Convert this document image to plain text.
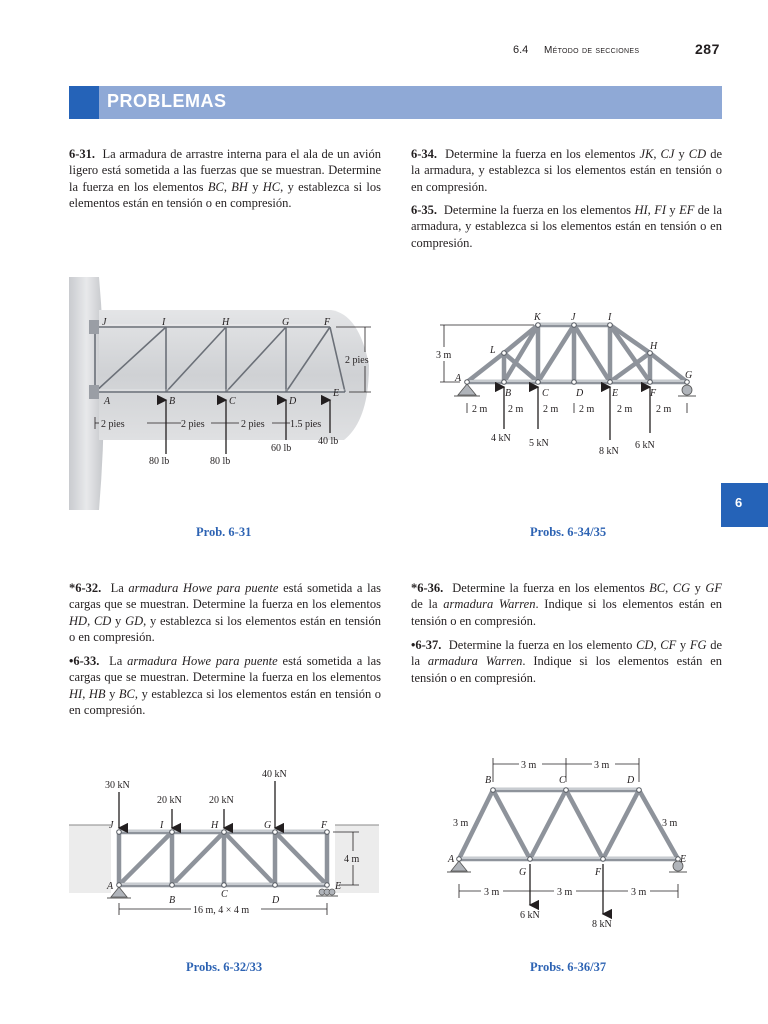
6.4 Método de secciones	287
PROBLEMAS
6
6-31. La armadura de arrastre interna para el ala de un avión ligero está sometida a las fuerzas que se muestran. Determine la fuerza en los elementos BC, BH y HC, y establezca si los elementos están en tensión o en compresión.
6-34. Determine la fuerza en los elementos JK, CJ y CD de la armadura, y establezca si los elementos están en tensión o en compresión.
6-35. Determine la fuerza en los elementos HI, FI y EF de la armadura, y establezca si los elementos están en tensión o en compresión.
J	I	H	G	F
A	B	C	D
E
2 pies
2 pies	2 pies	2 pies	1.5 pies
80 lb	80 lb
60 lb
40 lb
Prob. 6-31
K	J	I
L	H
A
B	C	D	E	F
G
3 m
2 m 2 m 2 m 2 m 2 m 2 m
4 kN 5 kN
8 kN
6 kN
Probs. 6-34/35
*6-32. La armadura Howe para puente está sometida a las cargas que se muestran. Determine la fuerza en los elementos HD, CD y GD, y establezca si los elementos están en tensión o en compresión.
•6-33. La armadura Howe para puente está sometida a las cargas que se muestran. Determine la fuerza en los elementos HI, HB y BC, y establezca si los elementos están en tensión o en compresión.
*6-36. Determine la fuerza en los elementos BC, CG y GF de la armadura Warren. Indique si los elementos están en tensión o en compresión.
•6-37. Determine la fuerza en los elemento CD, CF y FG de la armadura Warren. Indique si los elementos están en tensión o en compresión.
J	I	H	G	F
A
B
C
D
E
4 m
16 m, 4 × 4 m
30 kN
20 kN	20 kN
40 kN
Probs. 6-32/33
B	C	D
A
G	F
E
3 m	3 m
3 m	3 m
3 m	3 m	3 m
6 kN
8 kN
Probs. 6-36/37
